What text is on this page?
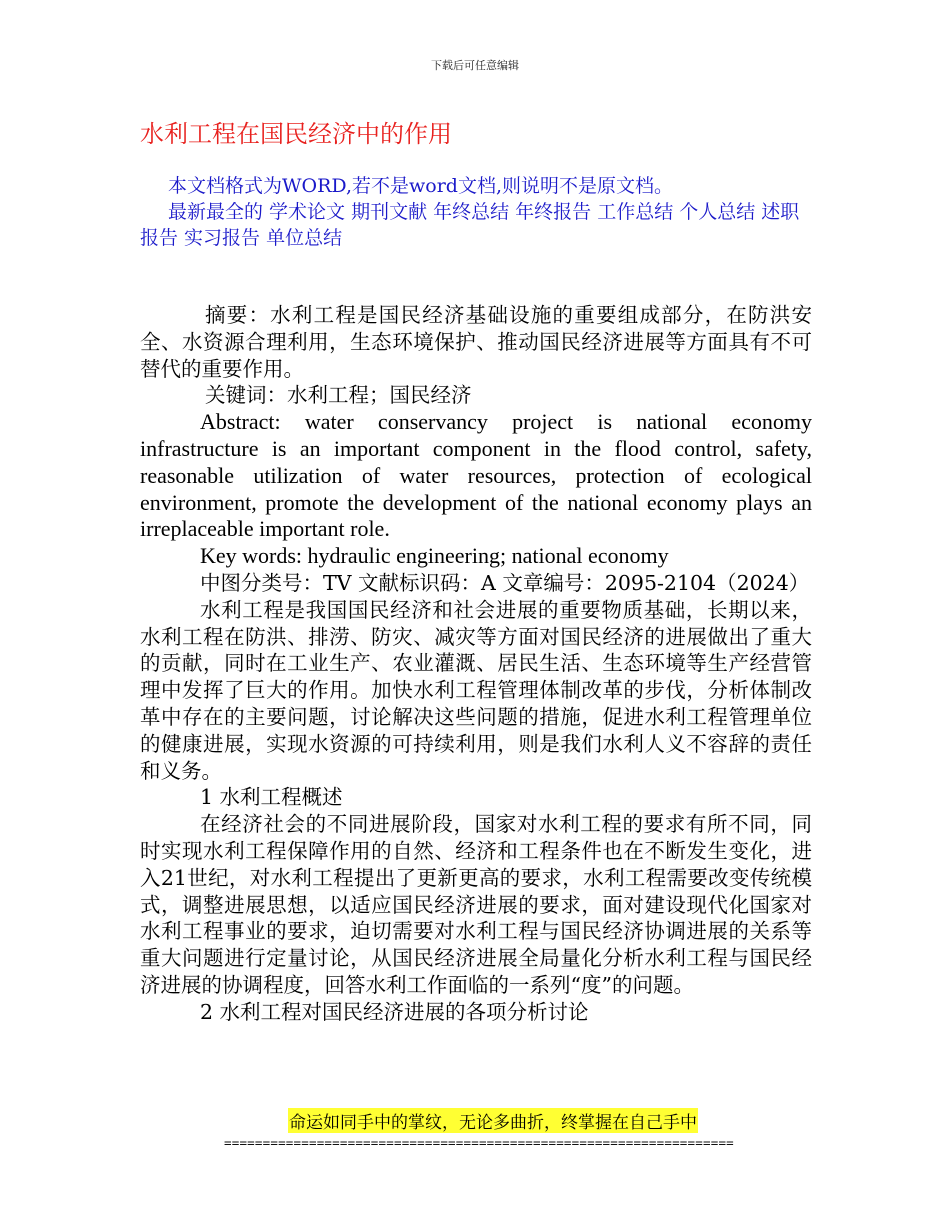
下载后可任意编辑
水利工程在国民经济中的作用

本文档格式为WORD,若不是word文档,则说明不是原文档。

最新最全的 学术论文 期刊文献 年终总结 年终报告 工作总结 个人总结 述职报告 实习报告 单位总结

摘要：水利工程是国民经济基础设施的重要组成部分，在防洪安全、水资源合理利用，生态环境保护、推动国民经济进展等方面具有不可替代的重要作用。

关键词：水利工程；国民经济

Abstract: water conservancy project is national economy infrastructure is an important component in the flood control, safety, reasonable utilization of water resources, protection of ecological environment, promote the development of the national economy plays an irreplaceable important role.

Key words: hydraulic engineering; national economy

中图分类号：TV 文献标识码：A 文章编号：2095-2104（2024）

水利工程是我国国民经济和社会进展的重要物质基础，长期以来，水利工程在防洪、排涝、防灾、减灾等方面对国民经济的进展做出了重大的贡献，同时在工业生产、农业灌溉、居民生活、生态环境等生产经营管理中发挥了巨大的作用。加快水利工程管理体制改革的步伐，分析体制改革中存在的主要问题，讨论解决这些问题的措施，促进水利工程管理单位的健康进展，实现水资源的可持续利用，则是我们水利人义不容辞的责任和义务。

1 水利工程概述

在经济社会的不同进展阶段，国家对水利工程的要求有所不同，同时实现水利工程保障作用的自然、经济和工程条件也在不断发生变化，进入21世纪，对水利工程提出了更新更高的要求，水利工程需要改变传统模式，调整进展思想，以适应国民经济进展的要求，面对建设现代化国家对水利工程事业的要求，迫切需要对水利工程与国民经济协调进展的关系等重大问题进行定量讨论，从国民经济进展全局量化分析水利工程与国民经济进展的协调程度，回答水利工作面临的一系列“度”的问题。

2 水利工程对国民经济进展的各项分析讨论

命运如同手中的掌纹，无论多曲折，终掌握在自己手中
==================================================================
